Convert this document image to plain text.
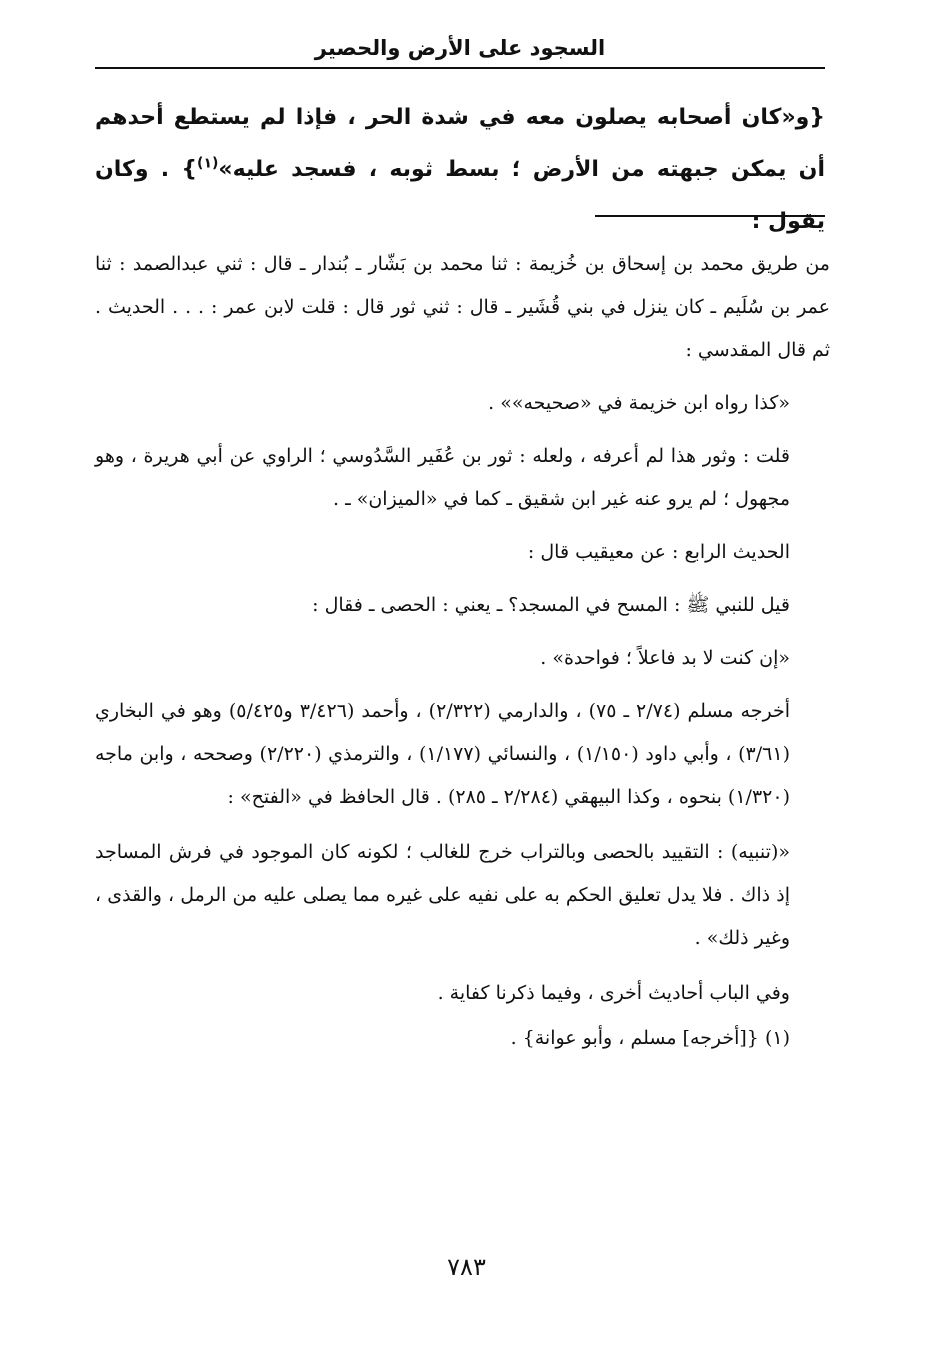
السجود على الأرض والحصير
{و«كان أصحابه يصلون معه في شدة الحر ، فإذا لم يستطع أحدهم أن يمكن جبهته من الأرض ؛ بسط ثوبه ، فسجد عليه»$^{(١)}$} . وكان يقول :

من طريق محمد بن إسحاق بن خُزيمة : ثنا محمد بن بَشّار ـ بُندار ـ قال : ثني عبدالصمد : ثنا عمر بن سُلَيم ـ كان ينزل في بني قُشَير ـ قال : ثني ثور قال : قلت لابن عمر : . . . الحديث . ثم قال المقدسي :

«كذا رواه ابن خزيمة في «صحيحه»» .

قلت : وثور هذا لم أعرفه ، ولعله : ثور بن عُفَير السَّدُوسي ؛ الراوي عن أبي هريرة ، وهو مجهول ؛ لم يرو عنه غير ابن شقيق ـ كما في «الميزان» ـ .

الحديث الرابع : عن معيقيب قال :

قيل للنبي ﷺ : المسح في المسجد؟ ـ يعني : الحصى ـ فقال :

«إن كنت لا بد فاعلاً ؛ فواحدة» .

أخرجه مسلم (٢/٧٤ ـ ٧٥) ، والدارمي (٢/٣٢٢) ، وأحمد (٣/٤٢٦ و٥/٤٢٥) وهو في البخاري (٣/٦١) ، وأبي داود (١/١٥٠) ، والنسائي (١/١٧٧) ، والترمذي (٢/٢٢٠) وصححه ، وابن ماجه (١/٣٢٠) بنحوه ، وكذا البيهقي (٢/٢٨٤ ـ ٢٨٥) . قال الحافظ في «الفتح» :

«(تنبيه) : التقييد بالحصى وبالتراب خرج للغالب ؛ لكونه كان الموجود في فرش المساجد إذ ذاك . فلا يدل تعليق الحكم به على نفيه على غيره مما يصلى عليه من الرمل ، والقذى ، وغير ذلك» .

وفي الباب أحاديث أخرى ، وفيما ذكرنا كفاية .

(١) {[أخرجه] مسلم ، وأبو عوانة} .

٧٨٣
